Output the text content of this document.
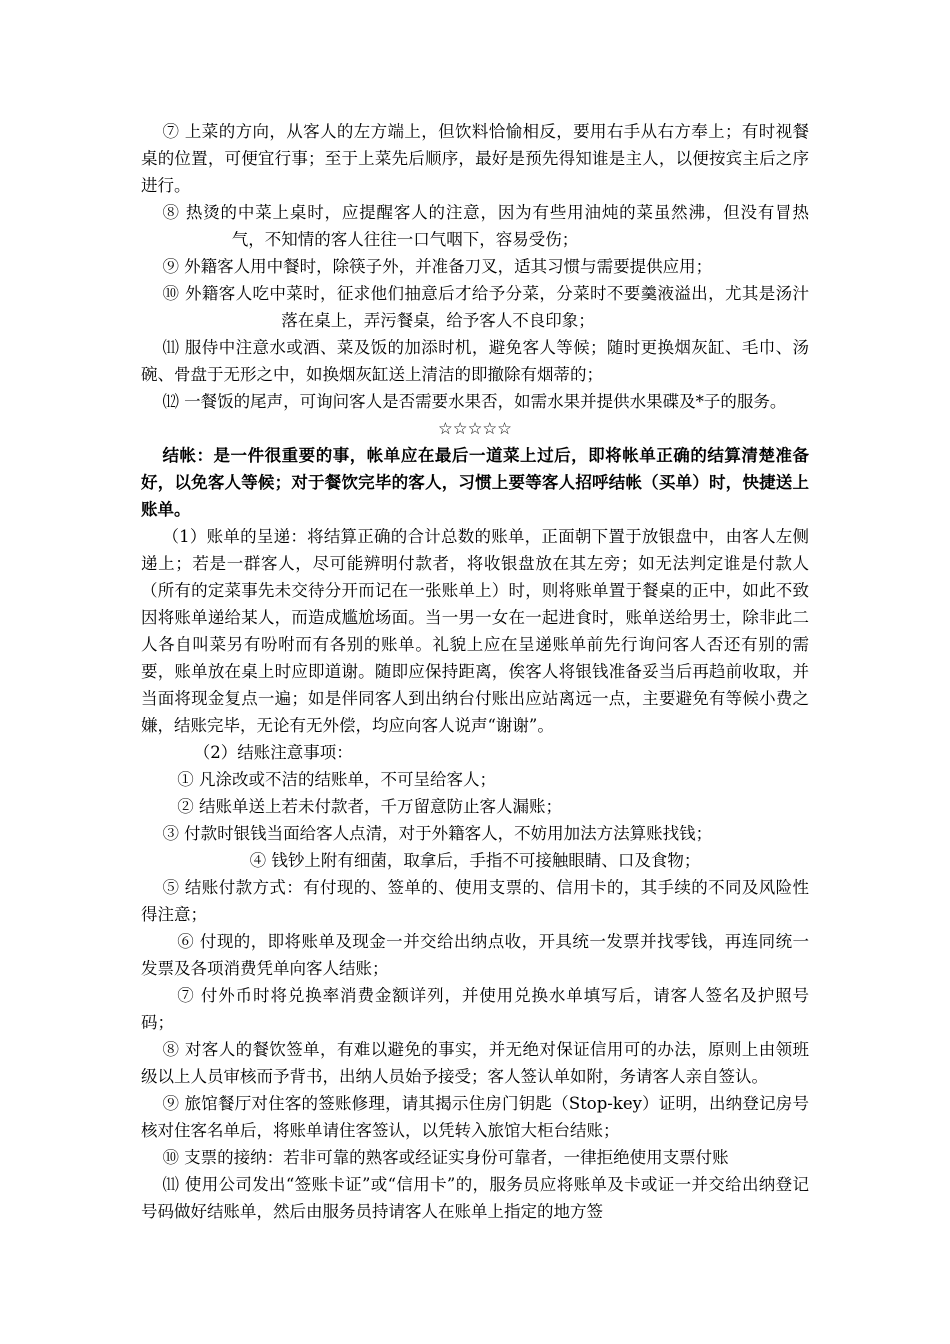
⑦ 上菜的方向，从客人的左方端上，但饮料恰愉相反，要用右手从右方奉上；有时视餐桌的位置，可便宜行事；至于上菜先后顺序，最好是预先得知谁是主人，以便按宾主后之序进行。

⑧ 热烫的中菜上桌时，应提醒客人的注意，因为有些用油炖的菜虽然沸，但没有冒热气，不知情的客人往往一口气咽下，容易受伤；

⑨ 外籍客人用中餐时，除筷子外，并准备刀叉，适其习惯与需要提供应用；

⑩ 外籍客人吃中菜时，征求他们抽意后才给予分菜，分菜时不要羹液溢出，尤其是汤汁落在桌上，弄污餐桌，给予客人不良印象；

⑾ 服侍中注意水或酒、菜及饭的加添时机，避免客人等候；随时更换烟灰缸、毛巾、汤碗、骨盘于无形之中，如换烟灰缸送上清洁的即撤除有烟蒂的；

⑿ 一餐饭的尾声，可询问客人是否需要水果否，如需水果并提供水果碟及*子的服务。

☆☆☆☆☆

结帐：是一件很重要的事，帐单应在最后一道菜上过后，即将帐单正确的结算清楚准备好，以免客人等候；对于餐饮完毕的客人，习惯上要等客人招呼结帐（买单）时，快捷送上账单。

（1）账单的呈递：将结算正确的合计总数的账单，正面朝下置于放银盘中，由客人左侧递上；若是一群客人，尽可能辨明付款者，将收银盘放在其左旁；如无法判定谁是付款人（所有的定菜事先未交待分开而记在一张账单上）时，则将账单置于餐桌的正中，如此不致因将账单递给某人，而造成尴尬场面。当一男一女在一起进食时，账单送给男士，除非此二人各自叫菜另有吩咐而有各别的账单。礼貌上应在呈递账单前先行询问客人否还有别的需要，账单放在桌上时应即道谢。随即应保持距离，俟客人将银钱准备妥当后再趋前收取，并当面将现金复点一遍；如是伴同客人到出纳台付账出应站离远一点，主要避免有等候小费之嫌，结账完毕，无论有无外偿，均应向客人说声“谢谢”。

（2）结账注意事项：

① 凡涂改或不洁的结账单，不可呈给客人；

② 结账单送上若未付款者，千万留意防止客人漏账；

③ 付款时银钱当面给客人点清，对于外籍客人，不妨用加法方法算账找钱；

④ 钱钞上附有细菌，取拿后，手指不可接触眼睛、口及食物；

⑤ 结账付款方式：有付现的、签单的、使用支票的、信用卡的，其手续的不同及风险性得注意；

⑥ 付现的，即将账单及现金一并交给出纳点收，开具统一发票并找零钱，再连同统一发票及各项消费凭单向客人结账；

⑦ 付外币时将兑换率消费金额详列，并使用兑换水单填写后，请客人签名及护照号码；

⑧ 对客人的餐饮签单，有难以避免的事实，并无绝对保证信用可的办法，原则上由领班级以上人员审核而予背书，出纳人员始予接受；客人签认单如附，务请客人亲自签认。

⑨ 旅馆餐厅对住客的签账修理，请其揭示住房门钥匙（Stop-key）证明，出纳登记房号核对住客名单后，将账单请住客签认，以凭转入旅馆大柜台结账；

⑩ 支票的接纳：若非可靠的熟客或经证实身份可靠者，一律拒绝使用支票付账

⑾ 使用公司发出“签账卡证”或“信用卡”的，服务员应将账单及卡或证一并交给出纳登记号码做好结账单，然后由服务员持请客人在账单上指定的地方签
